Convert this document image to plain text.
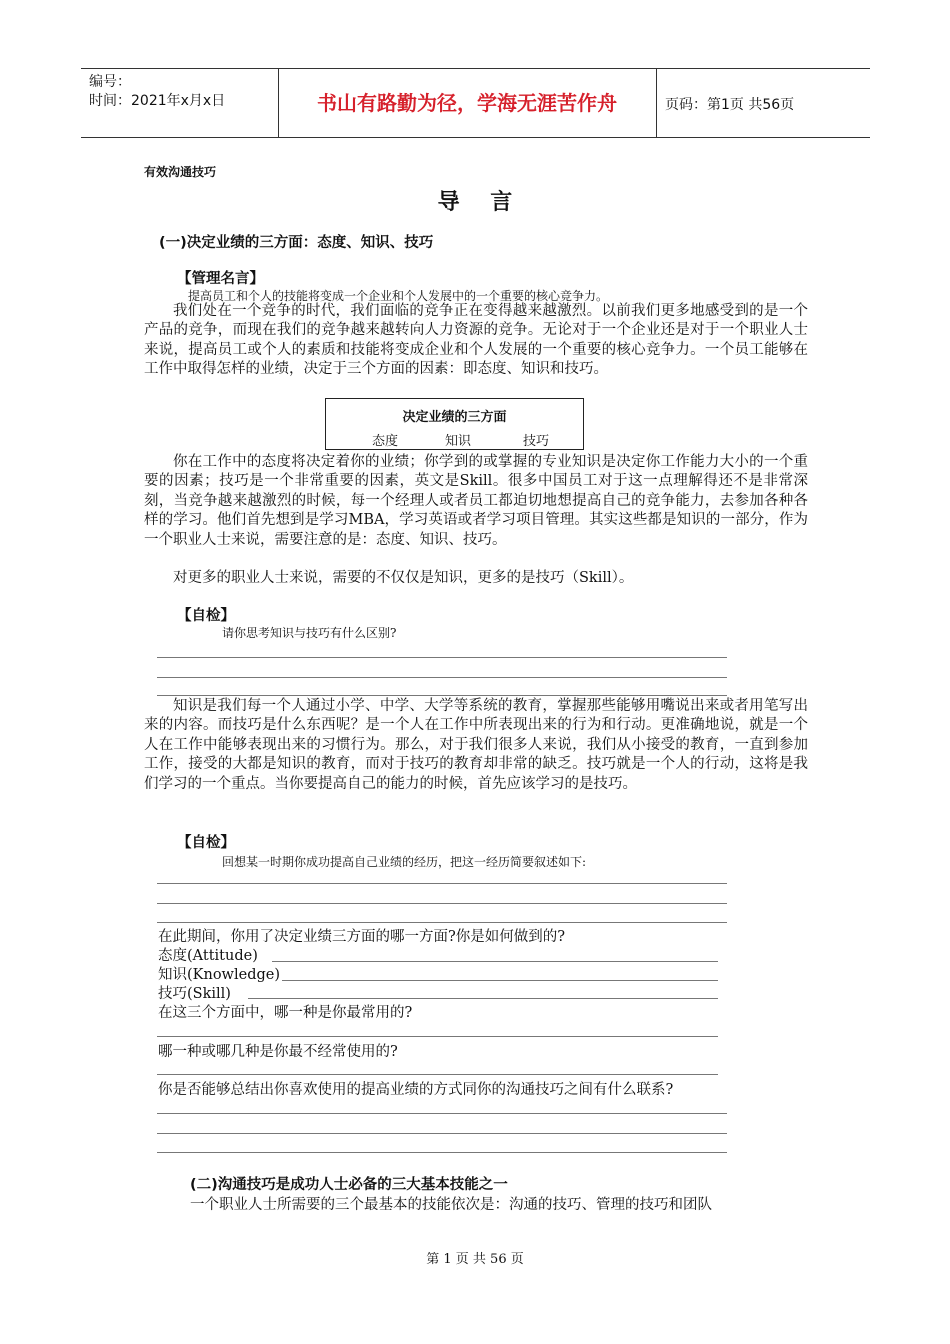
编号：
时间：2021年x月x日	书山有路勤为径，学海无涯苦作舟	页码：第1页 共56页
有效沟通技巧
导    言
(一)决定业绩的三方面：态度、知识、技巧
【管理名言】
提高员工和个人的技能将变成一个企业和个人发展中的一个重要的核心竞争力。
我们处在一个竞争的时代，我们面临的竞争正在变得越来越激烈。以前我们更多地感受到的是一个产品的竞争，而现在我们的竞争越来越转向人力资源的竞争。无论对于一个企业还是对于一个职业人士来说，提高员工或个人的素质和技能将变成企业和个人发展的一个重要的核心竞争力。一个员工能够在工作中取得怎样的业绩，决定于三个方面的因素：即态度、知识和技巧。
决定业绩的三方面
态度	知识	技巧
你在工作中的态度将决定着你的业绩；你学到的或掌握的专业知识是决定你工作能力大小的一个重要的因素；技巧是一个非常重要的因素，英文是Skill。很多中国员工对于这一点理解得还不是非常深刻，当竞争越来越激烈的时候，每一个经理人或者员工都迫切地想提高自己的竞争能力，去参加各种各样的学习。他们首先想到是学习MBA，学习英语或者学习项目管理。其实这些都是知识的一部分，作为一个职业人士来说，需要注意的是：态度、知识、技巧。
对更多的职业人士来说，需要的不仅仅是知识，更多的是技巧（Skill）。
【自检】
请你思考知识与技巧有什么区别?
知识是我们每一个人通过小学、中学、大学等系统的教育，掌握那些能够用嘴说出来或者用笔写出来的内容。而技巧是什么东西呢？是一个人在工作中所表现出来的行为和行动。更准确地说，就是一个人在工作中能够表现出来的习惯行为。那么，对于我们很多人来说，我们从小接受的教育，一直到参加工作，接受的大都是知识的教育，而对于技巧的教育却非常的缺乏。技巧就是一个人的行动，这将是我们学习的一个重点。当你要提高自己的能力的时候，首先应该学习的是技巧。
【自检】
回想某一时期你成功提高自己业绩的经历，把这一经历简要叙述如下:
在此期间，你用了决定业绩三方面的哪一方面?你是如何做到的?
态度(Attitude)
知识(Knowledge)
技巧(Skill)
在这三个方面中，哪一种是你最常用的?
哪一种或哪几种是你最不经常使用的?
你是否能够总结出你喜欢使用的提高业绩的方式同你的沟通技巧之间有什么联系?
(二)沟通技巧是成功人士必备的三大基本技能之一
一个职业人士所需要的三个最基本的技能依次是：沟通的技巧、管理的技巧和团队
第 1 页 共 56 页
